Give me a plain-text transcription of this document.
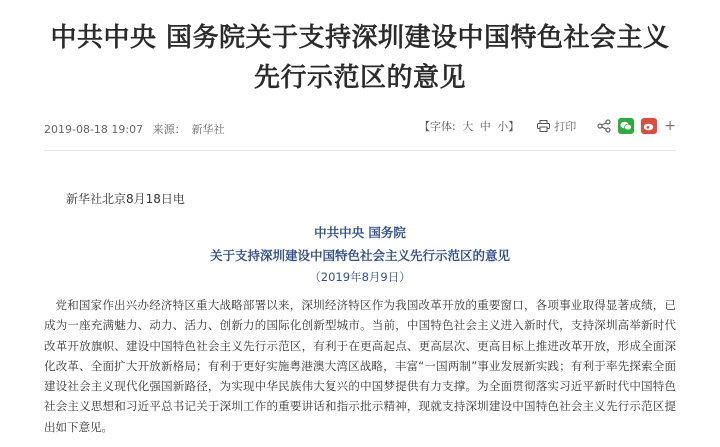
中共中央 国务院关于支持深圳建设中国特色社会主义
先行示范区的意见
2019-08-18 19:07 来源： 新华社	【字体: 大 中 小】	打印	+
新华社北京8月18日电
中共中央 国务院
关于支持深圳建设中国特色社会主义先行示范区的意见
（2019年8月9日）
党和国家作出兴办经济特区重大战略部署以来，深圳经济特区作为我国改革开放的重要窗口，各项事业取得显著成绩，已成为一座充满魅力、动力、活力、创新力的国际化创新型城市。当前，中国特色社会主义进入新时代，支持深圳高举新时代改革开放旗帜、建设中国特色社会主义先行示范区，有利于在更高起点、更高层次、更高目标上推进改革开放，形成全面深化改革、全面扩大开放新格局；有利于更好实施粤港澳大湾区战略，丰富“一国两制”事业发展新实践；有利于率先探索全面建设社会主义现代化强国新路径，为实现中华民族伟大复兴的中国梦提供有力支撑。为全面贯彻落实习近平新时代中国特色社会主义思想和习近平总书记关于深圳工作的重要讲话和指示批示精神，现就支持深圳建设中国特色社会主义先行示范区提出如下意见。
